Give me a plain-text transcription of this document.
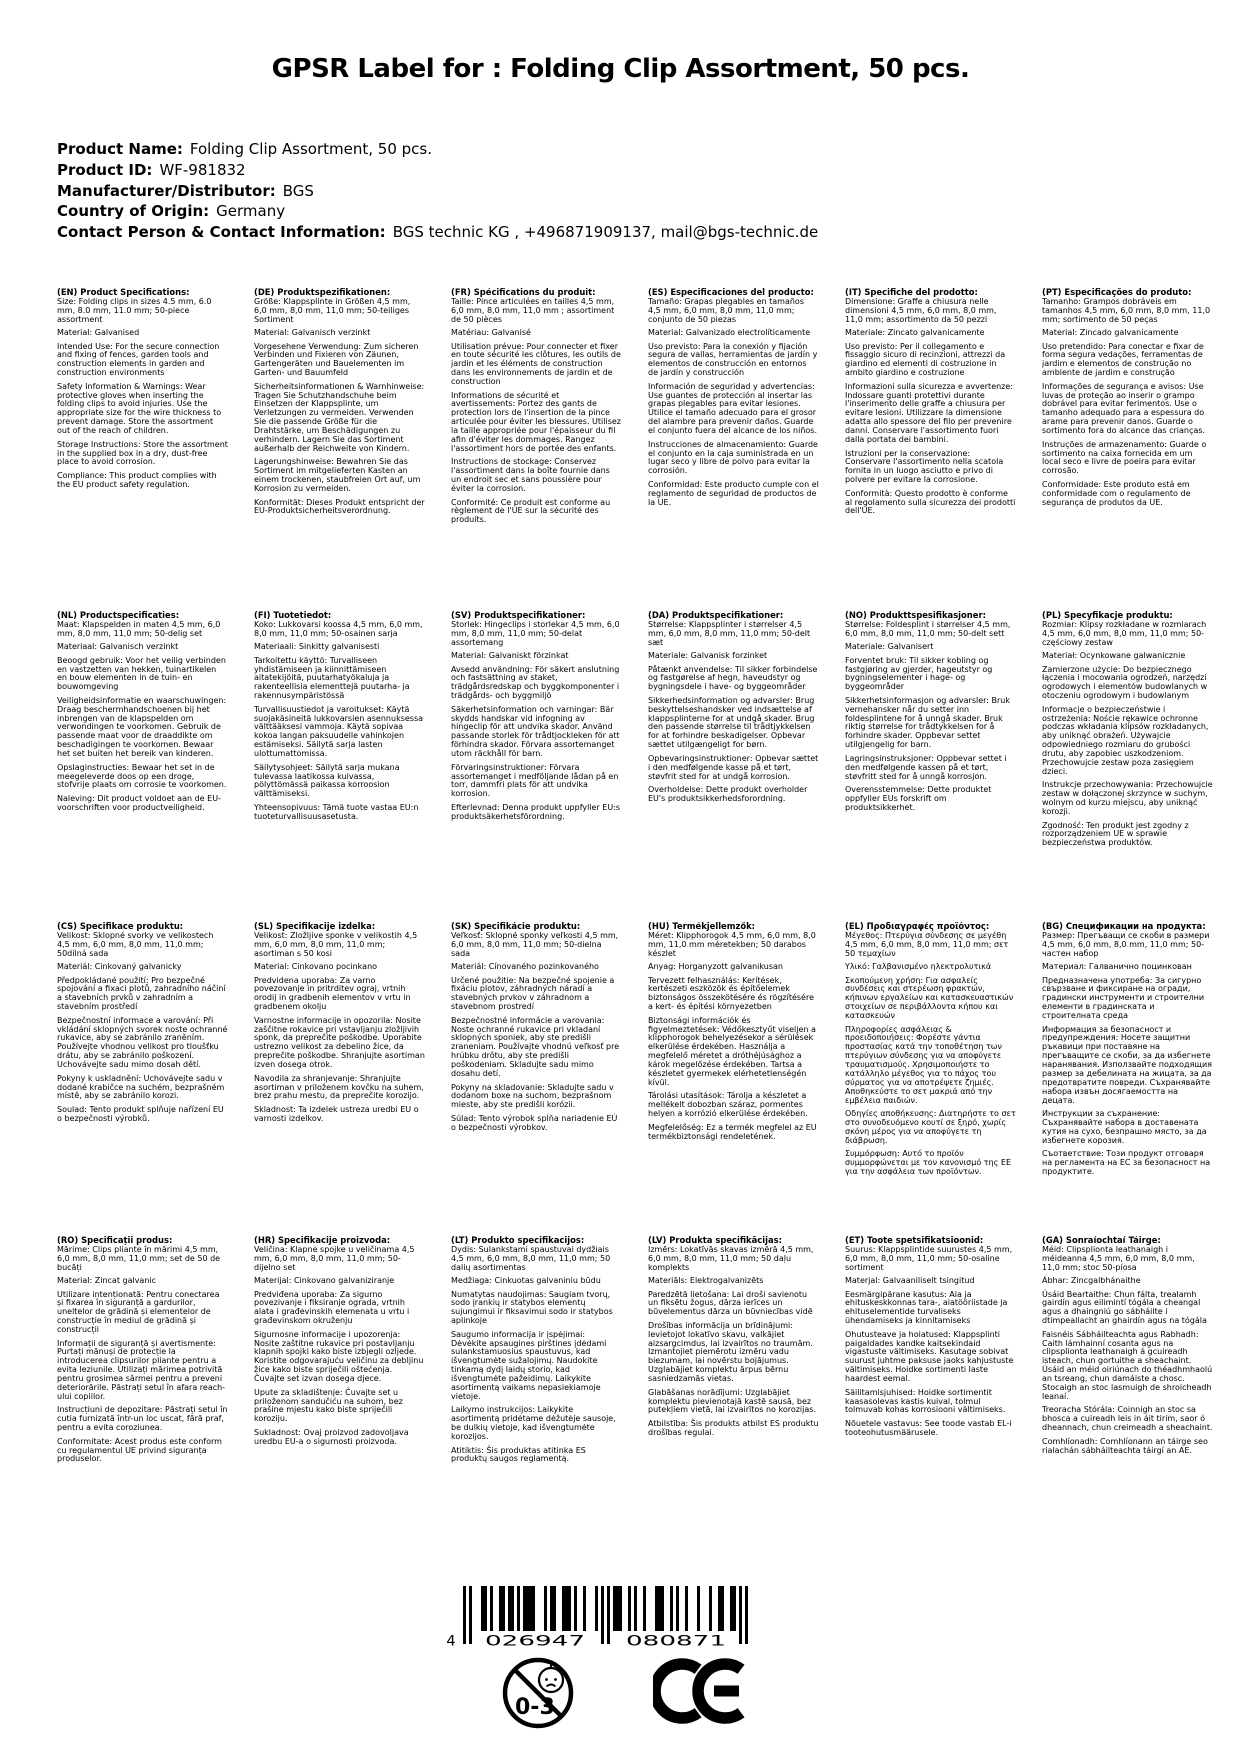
GPSR Label for : Folding Clip Assortment, 50 pcs.
Product Name: Folding Clip Assortment, 50 pcs.
Product ID: WF-981832
Manufacturer/Distributor: BGS
Country of Origin: Germany
Contact Person & Contact Information: BGS technic KG , +496871909137, mail@bgs-technic.de
(EN) Product Specifications:

Size: Folding clips in sizes 4.5 mm, 6.0 mm, 8.0 mm, 11.0 mm; 50-piece assortment

Material: Galvanised

Intended Use: For the secure connection and fixing of fences, garden tools and construction elements in garden and construction environments

Safety Information & Warnings: Wear protective gloves when inserting the folding clips to avoid injuries. Use the appropriate size for the wire thickness to prevent damage. Store the assortment out of the reach of children.

Storage Instructions: Store the assortment in the supplied box in a dry, dust-free place to avoid corrosion.

Compliance: This product complies with the EU product safety regulation.

(DE) Produktspezifikationen:

Größe: Klappsplinte in Größen 4,5 mm, 6,0 mm, 8,0 mm, 11,0 mm; 50-teiliges Sortiment

Material: Galvanisch verzinkt

Vorgesehene Verwendung: Zum sicheren Verbinden und Fixieren von Zäunen, Gartengeräten und Bauelementen im Garten- und Bauumfeld

Sicherheitsinformationen & Warnhinweise: Tragen Sie Schutzhandschuhe beim Einsetzen der Klappsplinte, um Verletzungen zu vermeiden. Verwenden Sie die passende Größe für die Drahtstärke, um Beschädigungen zu verhindern. Lagern Sie das Sortiment außerhalb der Reichweite von Kindern.

Lagerungshinweise: Bewahren Sie das Sortiment im mitgelieferten Kasten an einem trockenen, staubfreien Ort auf, um Korrosion zu vermeiden.

Konformität: Dieses Produkt entspricht der EU-Produktsicherheitsverordnung.

(FR) Spécifications du produit:

Taille: Pince articulées en tailles 4,5 mm, 6,0 mm, 8,0 mm, 11,0 mm ; assortiment de 50 pièces

Matériau: Galvanisé

Utilisation prévue: Pour connecter et fixer en toute sécurité les clôtures, les outils de jardin et les éléments de construction dans les environnements de jardin et de construction

Informations de sécurité et avertissements: Portez des gants de protection lors de l'insertion de la pince articulée pour éviter les blessures. Utilisez la taille appropriée pour l'épaisseur du fil afin d'éviter les dommages. Rangez l'assortiment hors de portée des enfants.

Instructions de stockage: Conservez l'assortiment dans la boîte fournie dans un endroit sec et sans poussière pour éviter la corrosion.

Conformité: Ce produit est conforme au règlement de l'UE sur la sécurité des produits.

(ES) Especificaciones del producto:

Tamaño: Grapas plegables en tamaños 4,5 mm, 6,0 mm, 8,0 mm, 11,0 mm; conjunto de 50 piezas

Material: Galvanizado electrolíticamente

Uso previsto: Para la conexión y fijación segura de vallas, herramientas de jardín y elementos de construcción en entornos de jardín y construcción

Información de seguridad y advertencias: Use guantes de protección al insertar las grapas plegables para evitar lesiones. Utilice el tamaño adecuado para el grosor del alambre para prevenir daños. Guarde el conjunto fuera del alcance de los niños.

Instrucciones de almacenamiento: Guarde el conjunto en la caja suministrada en un lugar seco y libre de polvo para evitar la corrosión.

Conformidad: Este producto cumple con el reglamento de seguridad de productos de la UE.

(IT) Specifiche del prodotto:

Dimensione: Graffe a chiusura nelle dimensioni 4,5 mm, 6,0 mm, 8,0 mm, 11,0 mm; assortimento da 50 pezzi

Materiale: Zincato galvanicamente

Uso previsto: Per il collegamento e fissaggio sicuro di recinzioni, attrezzi da giardino ed elementi di costruzione in ambito giardino e costruzione

Informazioni sulla sicurezza e avvertenze: Indossare guanti protettivi durante l'inserimento delle graffe a chiusura per evitare lesioni. Utilizzare la dimensione adatta allo spessore del filo per prevenire danni. Conservare l'assortimento fuori dalla portata dei bambini.

Istruzioni per la conservazione: Conservare l'assortimento nella scatola fornita in un luogo asciutto e privo di polvere per evitare la corrosione.

Conformità: Questo prodotto è conforme al regolamento sulla sicurezza dei prodotti dell'UE.

(PT) Especificações do produto:

Tamanho: Grampos dobráveis em tamanhos 4,5 mm, 6,0 mm, 8,0 mm, 11,0 mm; sortimento de 50 peças

Material: Zincado galvanicamente

Uso pretendido: Para conectar e fixar de forma segura vedações, ferramentas de jardim e elementos de construção no ambiente de jardim e construção

Informações de segurança e avisos: Use luvas de proteção ao inserir o grampo dobrável para evitar ferimentos. Use o tamanho adequado para a espessura do arame para prevenir danos. Guarde o sortimento fora do alcance das crianças.

Instruções de armazenamento: Guarde o sortimento na caixa fornecida em um local seco e livre de poeira para evitar corrosão.

Conformidade: Este produto está em conformidade com o regulamento de segurança de produtos da UE.

(NL) Productspecificaties:

Maat: Klapspelden in maten 4,5 mm, 6,0 mm, 8,0 mm, 11,0 mm; 50-delig set

Materiaal: Galvanisch verzinkt

Beoogd gebruik: Voor het veilig verbinden en vastzetten van hekken, tuinartikelen en bouw elementen in de tuin- en bouwomgeving

Veiligheidsinformatie en waarschuwingen: Draag beschermhandschoenen bij het inbrengen van de klapspelden om verwondingen te voorkomen. Gebruik de passende maat voor de draaddikte om beschadigingen te voorkomen. Bewaar het set buiten het bereik van kinderen.

Opslaginstructies: Bewaar het set in de meegeleverde doos op een droge, stofvrije plaats om corrosie te voorkomen.

Naleving: Dit product voldoet aan de EU-voorschriften voor productveiligheid.

(FI) Tuotetiedot:

Koko: Lukkovarsi koossa 4,5 mm, 6,0 mm, 8,0 mm, 11,0 mm; 50-osainen sarja

Materiaali: Sinkitty galvanisesti

Tarkoitettu käyttö: Turvalliseen yhdistämiseen ja kiinnittämiseen aitatekijöitä, puutarhatyökaluja ja rakenteellisia elementtejä puutarha- ja rakennusympäristössä

Turvallisuustiedot ja varoitukset: Käytä suojakäsineitä lukkovarsien asennuksessa välttääksesi vammoja. Käytä sopivaa kokoa langan paksuudelle vahinkojen estämiseksi. Säilytä sarja lasten ulottumattomissa.

Säilytysohjeet: Säilytä sarja mukana tulevassa laatikossa kuivassa, pölyttömässä paikassa korroosion välttämiseksi.

Yhteensopivuus: Tämä tuote vastaa EU:n tuoteturvallisuusasetusta.

(SV) Produktspecifikationer:

Storlek: Hingeclips i storlekar 4,5 mm, 6,0 mm, 8,0 mm, 11,0 mm; 50-delat assortemang

Material: Galvaniskt förzinkat

Avsedd användning: För säkert anslutning och fastsättning av staket, trädgårdsredskap och byggkomponenter i trädgårds- och byggmiljö

Säkerhetsinformation och varningar: Bär skydds handskar vid infogning av hingeclip för att undvika skador. Använd passande storlek för trådtjockleken för att förhindra skador. Förvara assortemanget utom räckhåll för barn.

Förvaringsinstruktioner: Förvara assortemanget i medföljande lådan på en torr, dammfri plats för att undvika korrosion.

Efterlevnad: Denna produkt uppfyller EU:s produktsäkerhetsförordning.

(DA) Produktspecifikationer:

Størrelse: Klappsplinter i størrelser 4,5 mm, 6,0 mm, 8,0 mm, 11,0 mm; 50-delt sæt

Materiale: Galvanisk forzinket

Påtænkt anvendelse: Til sikker forbindelse og fastgørelse af hegn, haveudstyr og bygningsdele i have- og byggeområder

Sikkerhedsinformation og advarsler: Brug beskyttelseshandsker ved indsættelse af klappsplinterne for at undgå skader. Brug den passende størrelse til trådtjykkelsen for at forhindre beskadigelser. Opbevar sættet utilgængeligt for børn.

Opbevaringsinstruktioner: Opbevar sættet i den medfølgende kasse på et tørt, støvfrit sted for at undgå korrosion.

Overholdelse: Dette produkt overholder EU's produktsikkerhedsforordning.

(NO) Produkttspesifikasjoner:

Størrelse: Foldesplint i størrelser 4,5 mm, 6,0 mm, 8,0 mm, 11,0 mm; 50-delt sett

Materiale: Galvanisert

Forventet bruk: Til sikker kobling og fastgjøring av gjerder, hageutstyr og bygningselementer i hage- og byggeområder

Sikkerhetsinformasjon og advarsler: Bruk vernehansker når du setter inn foldesplintene for å unngå skader. Bruk riktig størrelse for trådtykkelsen for å forhindre skader. Oppbevar settet utilgjengelig for barn.

Lagringsinstruksjoner: Oppbevar settet i den medfølgende kassen på et tørt, støvfritt sted for å unngå korrosjon.

Overensstemmelse: Dette produktet oppfyller EUs forskrift om produktsikkerhet.

(PL) Specyfikacje produktu:

Rozmiar: Klipsy rozkładane w rozmiarach 4,5 mm, 6,0 mm, 8,0 mm, 11,0 mm; 50-częściowy zestaw

Materiał: Ocynkowane galwanicznie

Zamierzone użycie: Do bezpiecznego łączenia i mocowania ogrodzeń, narzędzi ogrodowych i elementów budowlanych w otoczeniu ogrodowym i budowlanym

Informacje o bezpieczeństwie i ostrzeżenia: Noście rękawice ochronne podczas wkładania klipsów rozkładanych, aby uniknąć obrażeń. Używajcie odpowiedniego rozmiaru do grubości drutu, aby zapobiec uszkodzeniom. Przechowujcie zestaw poza zasięgiem dzieci.

Instrukcje przechowywania: Przechowujcie zestaw w dołączonej skrzynce w suchym, wolnym od kurzu miejscu, aby uniknąć korozji.

Zgodność: Ten produkt jest zgodny z rozporządzeniem UE w sprawie bezpieczeństwa produktów.

(CS) Specifikace produktu:

Velikost: Sklopné svorky ve velikostech 4,5 mm, 6,0 mm, 8,0 mm, 11,0 mm; 50dílná sada

Materiál: Cinkovaný galvanicky

Předpokládané použití: Pro bezpečné spojování a fixaci plotů, zahradního náčiní a stavebních prvků v zahradním a stavebním prostředí

Bezpečnostní informace a varování: Při vkládání sklopných svorek noste ochranné rukavice, aby se zabránilo zraněním. Používejte vhodnou velikost pro tloušťku drátu, aby se zabránilo poškození. Uchovávejte sadu mimo dosah dětí.

Pokyny k uskladnění: Uchovávejte sadu v dodané krabičce na suchém, bezprašném místě, aby se zabránilo korozi.

Soulad: Tento produkt splňuje nařízení EU o bezpečnosti výrobků.

(SL) Specifikacije izdelka:

Velikost: Zložljive sponke v velikostih 4,5 mm, 6,0 mm, 8,0 mm, 11,0 mm; asortiman s 50 kosi

Material: Cinkovano pocinkano

Predvidena uporaba: Za varno povezovanje in pritrditev ograj, vrtnih orodij in gradbenih elementov v vrtu in gradbenem okolju

Varnostne informacije in opozorila: Nosite zaščitne rokavice pri vstavljanju zložljivih sponk, da preprečite poškodbe. Uporabite ustrezno velikost za debelino žice, da preprečite poškodbe. Shranjujte asortiman izven dosega otrok.

Navodila za shranjevanje: Shranjujte asortiman v priloženem kovčku na suhem, brez prahu mestu, da preprečite korozijo.

Skladnost: Ta izdelek ustreza uredbi EU o varnosti izdelkov.

(SK) Špecifikácie produktu:

Veľkosť: Sklopné sponky veľkosti 4,5 mm, 6,0 mm, 8,0 mm, 11,0 mm; 50-dielna sada

Materiál: Cínovaného pozinkovaného

Určené použitie: Na bezpečné spojenie a fixáciu plotov, záhradných náradí a stavebných prvkov v záhradnom a stavebnom prostredí

Bezpečnostné informácie a varovania: Noste ochranné rukavice pri vkladaní sklopných sponiek, aby ste predišli zraneniam. Používajte vhodnú veľkosť pre hrúbku drôtu, aby ste predišli poškodeniam. Skladujte sadu mimo dosahu detí.

Pokyny na skladovanie: Skladujte sadu v dodanom boxe na suchom, bezprašnom mieste, aby ste predišli korózii.

Súlad: Tento výrobok spĺňa nariadenie EÚ o bezpečnosti výrobkov.

(HU) Termékjellemzők:

Méret: Klipphorogok 4,5 mm, 6,0 mm, 8,0 mm, 11,0 mm méretekben; 50 darabos készlet

Anyag: Horganyzott galvanikusan

Tervezett felhasználás: Kerítések, kertészeti eszközök és építőelemek biztonságos összekötésére és rögzítésére a kert- és építési környezetben

Biztonsági információk és figyelmeztetések: Védőkesztyűt viseljen a klipphorogok behelyezésekor a sérülések elkerülése érdekében. Használja a megfelelő méretet a dróthéjúsághoz a károk megelőzése érdekében. Tartsa a készletet gyermekek elérhetetlenségén kívül.

Tárolási utasítások: Tárolja a készletet a mellékelt dobozban száraz, pormentes helyen a korrózió elkerülése érdekében.

Megfelelőség: Ez a termék megfelel az EU termékbiztonsági rendeletének.

(EL) Προδιαγραφές προϊόντος:

Μέγεθος: Πτερύγια σύνδεσης σε μεγέθη 4,5 mm, 6,0 mm, 8,0 mm, 11,0 mm; σετ 50 τεμαχίων

Υλικό: Γαλβανισμένο ηλεκτρολυτικά

Σκοπούμενη χρήση: Για ασφαλείς συνδέσεις και στερέωση φρακτών, κήπινων εργαλείων και κατασκευαστικών στοιχείων σε περιβάλλοντα κήπου και κατασκευών

Πληροφορίες ασφάλειας & προειδοποιήσεις: Φορέστε γάντια προστασίας κατά την τοποθέτηση των πτερύγιων σύνδεσης για να αποφύγετε τραυματισμούς. Χρησιμοποιήστε το κατάλληλο μέγεθος για το πάχος του σύρματος για να αποτρέψετε ζημιές. Αποθηκεύστε το σετ μακριά από την εμβέλεια παιδιών.

Οδηγίες αποθήκευσης: Διατηρήστε το σετ στο συνοδευόμενο κουτί σε ξηρό, χωρίς σκόνη μέρος για να αποφύγετε τη διάβρωση.

Συμμόρφωση: Αυτό το προϊόν συμμορφώνεται με τον κανονισμό της ΕΕ για την ασφάλεια των προϊόντων.

(BG) Спецификации на продукта:

Размер: Прегъващи се скоби в размери 4,5 mm, 6,0 mm, 8,0 mm, 11,0 mm; 50-частен набор

Материал: Галванично поцинкован

Предназначена употреба: За сигурно свързване и фиксиране на огради, градински инструменти и строителни елементи в градинската и строителната среда

Информация за безопасност и предупреждения: Носете защитни ръкавици при поставяне на прегъващите се скоби, за да избегнете наранявания. Използвайте подходящия размер за дебелината на жицата, за да предотвратите повреди. Съхранявайте набора извън досягаемостта на децата.

Инструкции за съхранение: Съхранявайте набора в доставената кутия на сухо, безпрашно място, за да избегнете корозия.

Съответствие: Този продукт отговаря на регламента на ЕС за безопасност на продуктите.

(RO) Specificații produs:

Mărime: Clips pliante în mărimi 4,5 mm, 6,0 mm, 8,0 mm, 11,0 mm; set de 50 de bucăți

Material: Zincat galvanic

Utilizare intenționată: Pentru conectarea și fixarea în siguranță a gardurilor, uneltelor de grădină și elementelor de construcție în mediul de grădină și construcții

Informații de siguranță și avertismente: Purtați mănuși de protecție la introducerea clipsurilor pliante pentru a evita leziunile. Utilizați mărimea potrivită pentru grosimea sârmei pentru a preveni deteriorările. Păstrați setul în afara reach-ului copiilor.

Instrucțiuni de depozitare: Păstrați setul în cutia furnizată într-un loc uscat, fără praf, pentru a evita coroziunea.

Conformitate: Acest produs este conform cu regulamentul UE privind siguranța produselor.

(HR) Specifikacije proizvoda:

Veličina: Klapne spojke u veličinama 4,5 mm, 6,0 mm, 8,0 mm, 11,0 mm; 50-dijelno set

Materijal: Cinkovano galvaniziranje

Predviđena uporaba: Za sigurno povezivanje i fiksiranje ograda, vrtnih alata i građevinskih elemenata u vrtu i građevinskom okruženju

Sigurnosne informacije i upozorenja: Nosite zaštitne rukavice pri postavljanju klapnih spojki kako biste izbjegli ozljede. Koristite odgovarajuću veličinu za debljinu žice kako biste spriječili oštećenja. Čuvajte set izvan dosega djece.

Upute za skladištenje: Čuvajte set u priloženom sandučiću na suhom, bez prašine mjestu kako biste spriječili koroziju.

Sukladnost: Ovaj proizvod zadovoljava uredbu EU-a o sigurnosti proizvoda.

(LT) Produkto specifikacijos:

Dydis: Sulankstami spaustuvai dydžiais 4,5 mm, 6,0 mm, 8,0 mm, 11,0 mm; 50 dalių asortimentas

Medžiaga: Cinkuotas galvaniniu būdu

Numatytas naudojimas: Saugiam tvorų, sodo įrankių ir statybos elementų sujungimui ir fiksavimui sodo ir statybos aplinkoje

Saugumo informacija ir įspėjimai: Dėvėkite apsaugines pirštines įdėdami sulankstamuosius spaustuvus, kad išvengtumėte sužalojimų. Naudokite tinkamą dydį laidų storio, kad išvengtumėte pažeidimų. Laikykite asortimentą vaikams nepasiekiamoje vietoje.

Laikymo instrukcijos: Laikykite asortimentą pridėtame dėžutėje sausoje, be dulkių vietoje, kad išvengtumėte korozijos.

Atitiktis: Šis produktas atitinka ES produktų saugos reglamentą.

(LV) Produkta specifikācijas:

Izmērs: Lokatīvās skavas izmērā 4,5 mm, 6,0 mm, 8,0 mm, 11,0 mm; 50 daļu komplekts

Materiāls: Elektrogalvanizēts

Paredzētā lietošana: Lai droši savienotu un fiksētu žogus, dārza ierīces un būvelementus dārza un būvniecības vidē

Drošības informācija un brīdinājumi: Ievietojot lokatīvo skavu, valkājiet aizsargcimdus, lai izvairītos no traumām. Izmantojiet piemērotu izmēru vadu biezumam, lai novērstu bojājumus. Uzglabājiet komplektu ārpus bērnu sasniedzamās vietas.

Glabāšanas norādījumi: Uzglabājiet komplektu pievienotajā kastē sausā, bez putekļiem vietā, lai izvairītos no korozijas.

Atbilstība: Šis produkts atbilst ES produktu drošības regulai.

(ET) Toote spetsifikatsioonid:

Suurus: Klappsplintide suurustes 4,5 mm, 6,0 mm, 8,0 mm, 11,0 mm; 50-osaline sortiment

Materjal: Galvaaniliselt tsingitud

Eesmärgipärane kasutus: Aia ja ehituskeskkonnas tara-, aiatööriistade ja ehituselementide turvaliseks ühendamiseks ja kinnitamiseks

Ohutusteave ja hoiatused: Klappsplinti paigaldades kandke kaitsekindaid vigastuste vältimiseks. Kasutage sobivat suurust juhtme paksuse jaoks kahjustuste vältimiseks. Hoidke sortimenti laste haardest eemal.

Säilitamisjuhised: Hoidke sortimentit kaasasolevas kastis kuival, tolmul tolmuvab kohas korrosiooni vältimiseks.

Nõuetele vastavus: See toode vastab EL-i tooteohutusmäärusele.

(GA) Sonraíochtaí Táirge:

Méid: Clipsplionta leathanaigh i méideanna 4,5 mm, 6,0 mm, 8,0 mm, 11,0 mm; stoc 50-píosa

Ábhar: Zincgalbhánaithe

Úsáid Beartaithe: Chun fálta, trealamh gairdín agus eilimintí tógála a cheangal agus a dhaingniú go sábháilte i dtimpeallacht an ghairdín agus na tógála

Faisnéis Sábháilteachta agus Rabhadh: Caith lámhainní cosanta agus na clipsplionta leathanaigh á gcuireadh isteach, chun gortuithe a sheachaint. Úsáid an méid oiriúnach do théadhmhaolú an tsreang, chun damáiste a chosc. Stocaigh an stoc lasmuigh de shroicheadh leanaí.

Treoracha Stórála: Coinnigh an stoc sa bhosca a cuireadh leis in áit tirim, saor ó dheannach, chun creimeadh a sheachaint.

Comhlíonadh: Comhlíonann an táirge seo rialachán sábháilteachta táirgí an AE.

4 026947	080871
0-3
